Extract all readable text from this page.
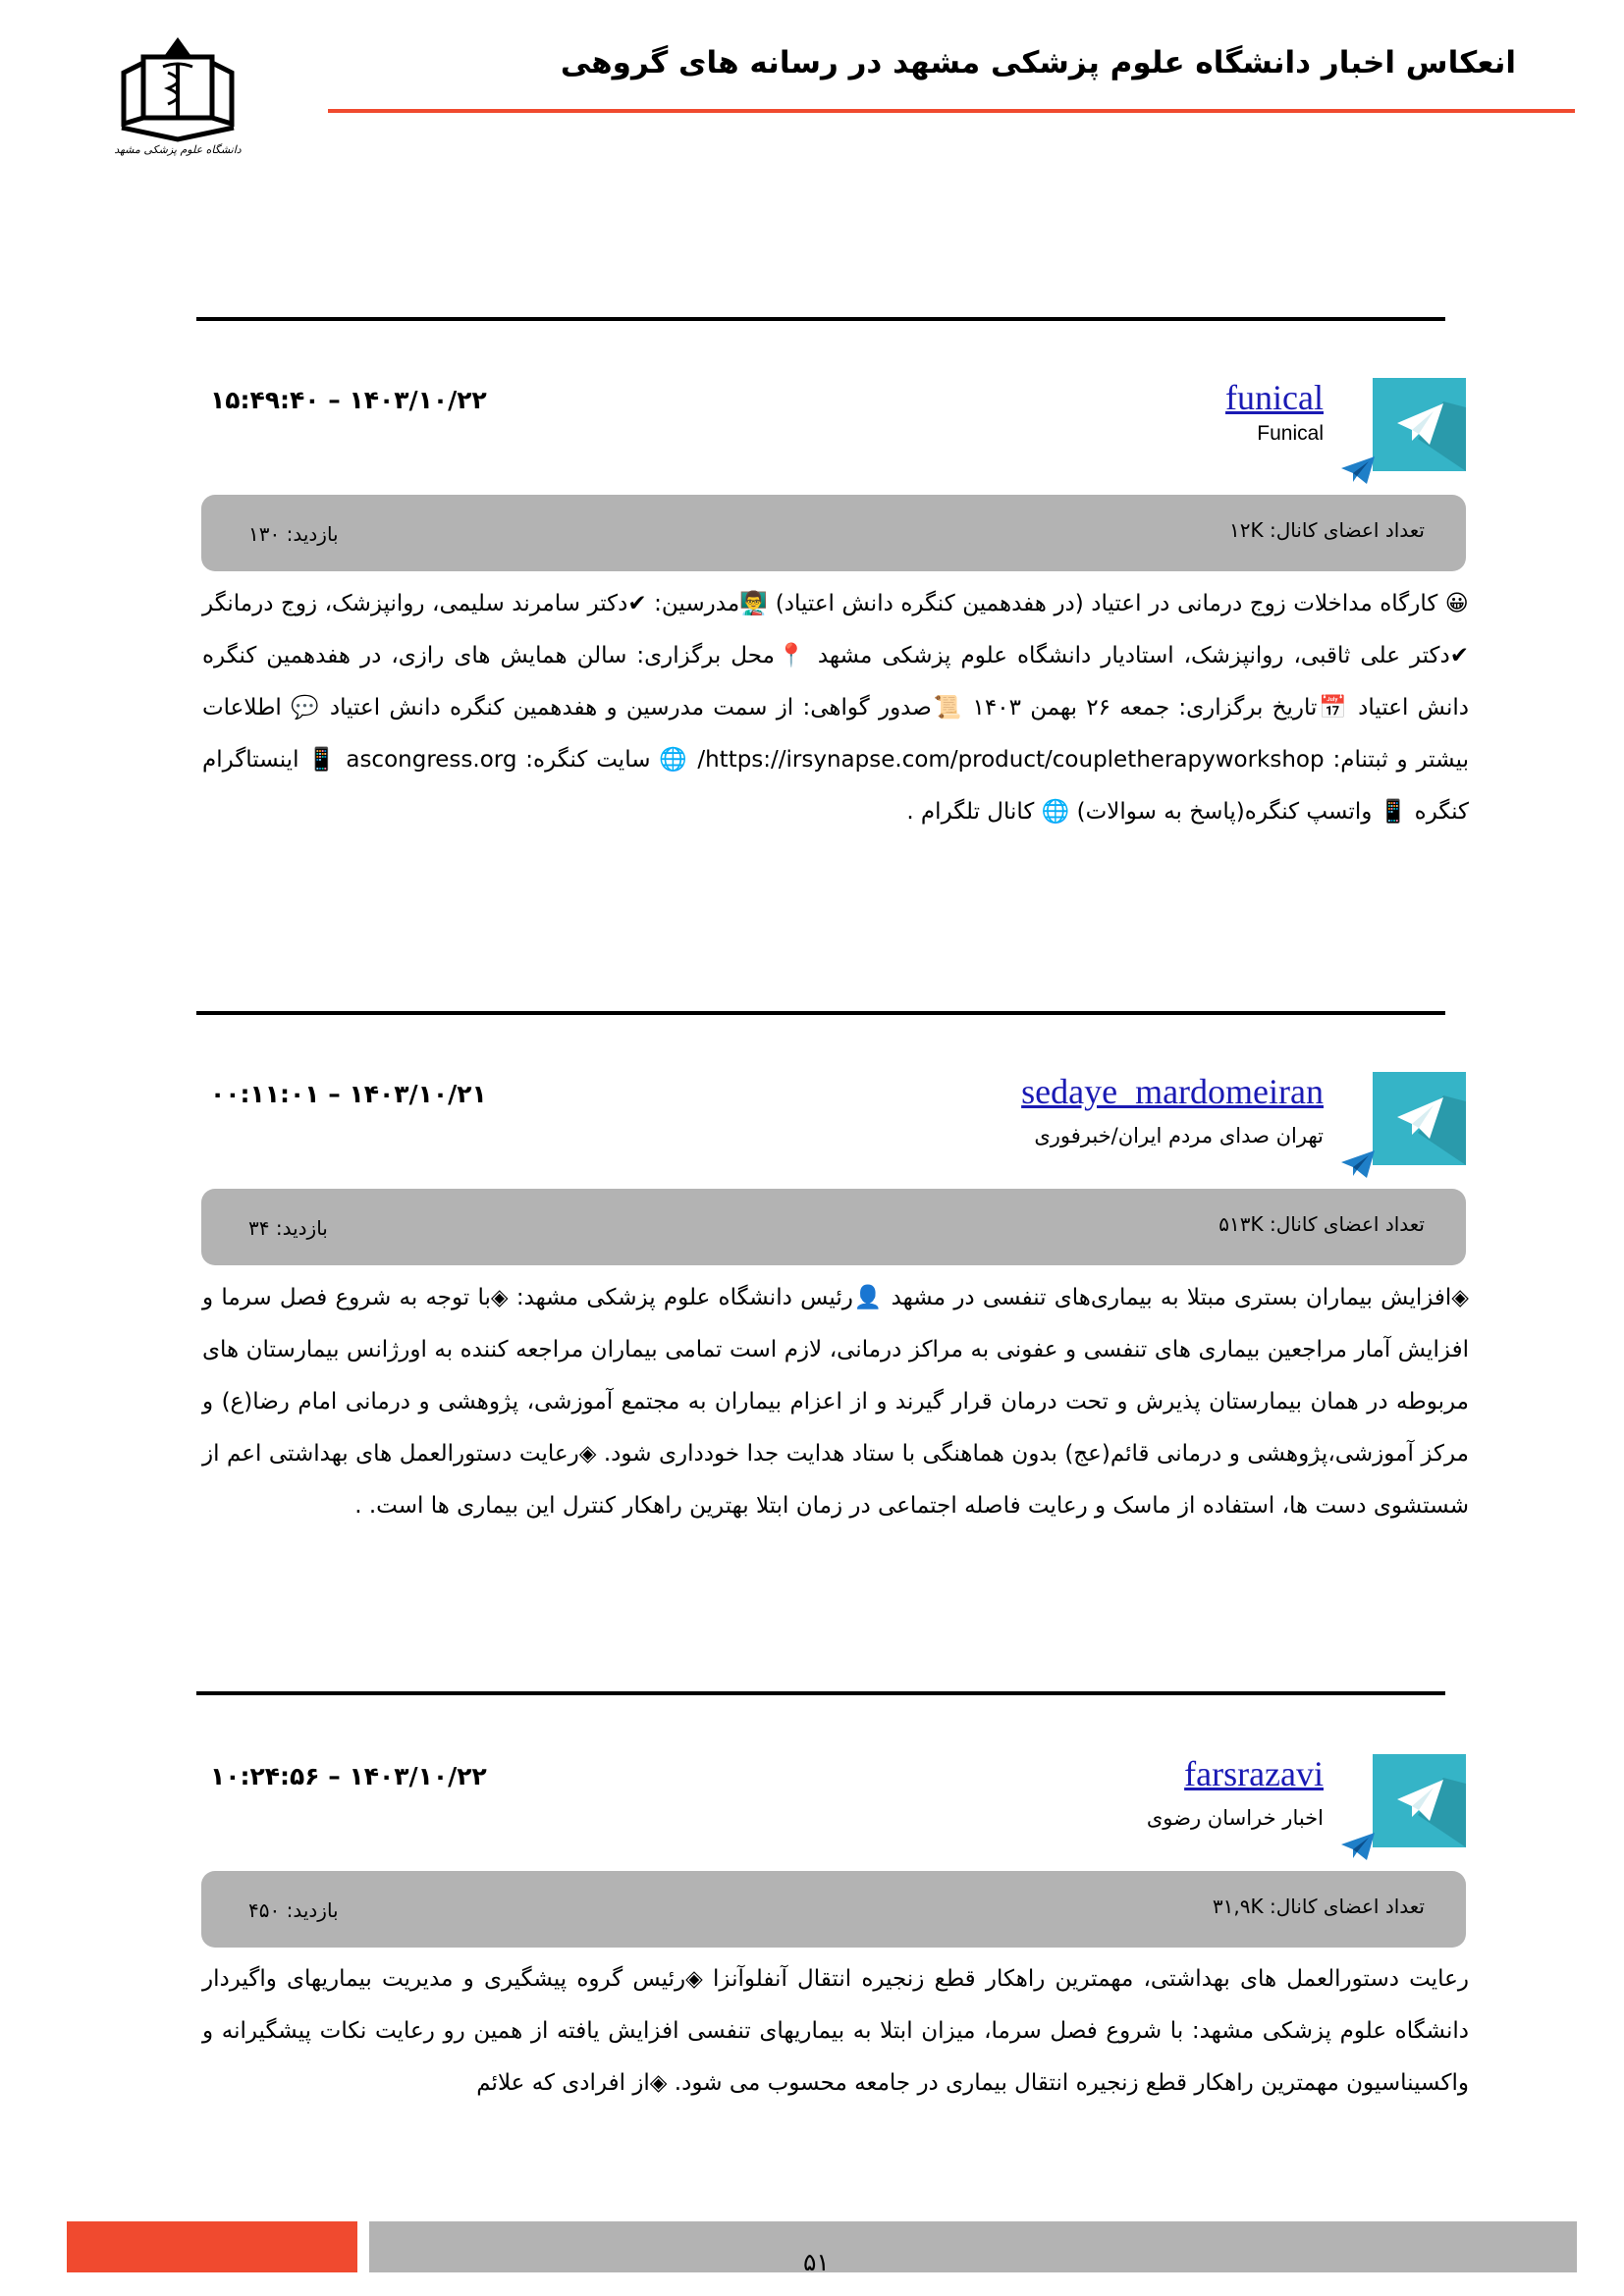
دانشگاه علوم پزشکی مشهد
انعکاس اخبار دانشگاه علوم پزشکی مشهد در رسانه های گروهی
funical
Funical
۱۴۰۳/۱۰/۲۲ – ۱۵:۴۹:۴۰
تعداد اعضای کانال: ۱۲K
بازدید: ۱۳۰
😀 کارگاه مداخلات زوج درمانی در اعتیاد (در هفدهمین کنگره دانش اعتیاد) 👨‍🏫مدرسین: ✔دکتر سامرند سلیمی، روانپزشک، زوج درمانگر ✔دکتر علی ثاقبی، روانپزشک، استادیار دانشگاه علوم پزشکی مشهد 📍محل برگزاری: سالن همایش های رازی، در هفدهمین کنگره دانش اعتیاد 📅تاریخ برگزاری: جمعه ۲۶ بهمن ۱۴۰۳ 📜صدور گواهی: از سمت مدرسین و هفدهمین کنگره دانش اعتیاد 💬 اطلاعات بیشتر و ثبتنام: https://irsynapse.com/product/coupletherapyworkshop/ 🌐 سایت کنگره: ascongress.org 📱 اینستاگرام کنگره 📱 واتسپ کنگره(پاسخ به سوالات) 🌐 کانال تلگرام .
sedaye_mardomeiran
تهران صدای مردم ایران/خبرفوری
۱۴۰۳/۱۰/۲۱ – ۰۰:۱۱:۰۱
تعداد اعضای کانال: ۵۱۳K
بازدید: ۳۴
◈افزایش بیماران بستری مبتلا به بیماری‌های تنفسی در مشهد 👤رئیس دانشگاه علوم پزشکی مشهد: ◈با توجه به شروع فصل سرما و افزایش آمار مراجعین بیماری های تنفسی و عفونی به مراکز درمانی، لازم است تمامی بیماران مراجعه کننده به اورژانس بیمارستان های مربوطه در همان بیمارستان پذیرش و تحت درمان قرار گیرند و از اعزام بیماران به مجتمع آموزشی، پژوهشی و درمانی امام رضا(ع) و مرکز آموزشی،پژوهشی و درمانی قائم(عج) بدون هماهنگی با ستاد هدایت جدا خودداری شود. ◈رعایت دستورالعمل های بهداشتی اعم از شستشوی دست ها، استفاده از ماسک و رعایت فاصله اجتماعی در زمان ابتلا بهترین راهکار کنترل این بیماری ها است. .
farsrazavi
اخبار خراسان رضوی
۱۴۰۳/۱۰/۲۲ – ۱۰:۲۴:۵۶
تعداد اعضای کانال: ۳۱,۹K
بازدید: ۴۵۰
رعایت دستورالعمل های بهداشتی، مهمترین راهکار قطع زنجیره انتقال آنفلوآنزا ◈رئیس گروه پیشگیری و مدیریت بیماریهای واگیردار دانشگاه علوم پزشکی مشهد: با شروع فصل سرما، میزان ابتلا به بیماریهای تنفسی افزایش یافته از همین رو رعایت نکات پیشگیرانه و واکسیناسیون مهمترین راهکار قطع زنجیره انتقال بیماری در جامعه محسوب می شود. ◈از افرادی که علائم
۵۱
